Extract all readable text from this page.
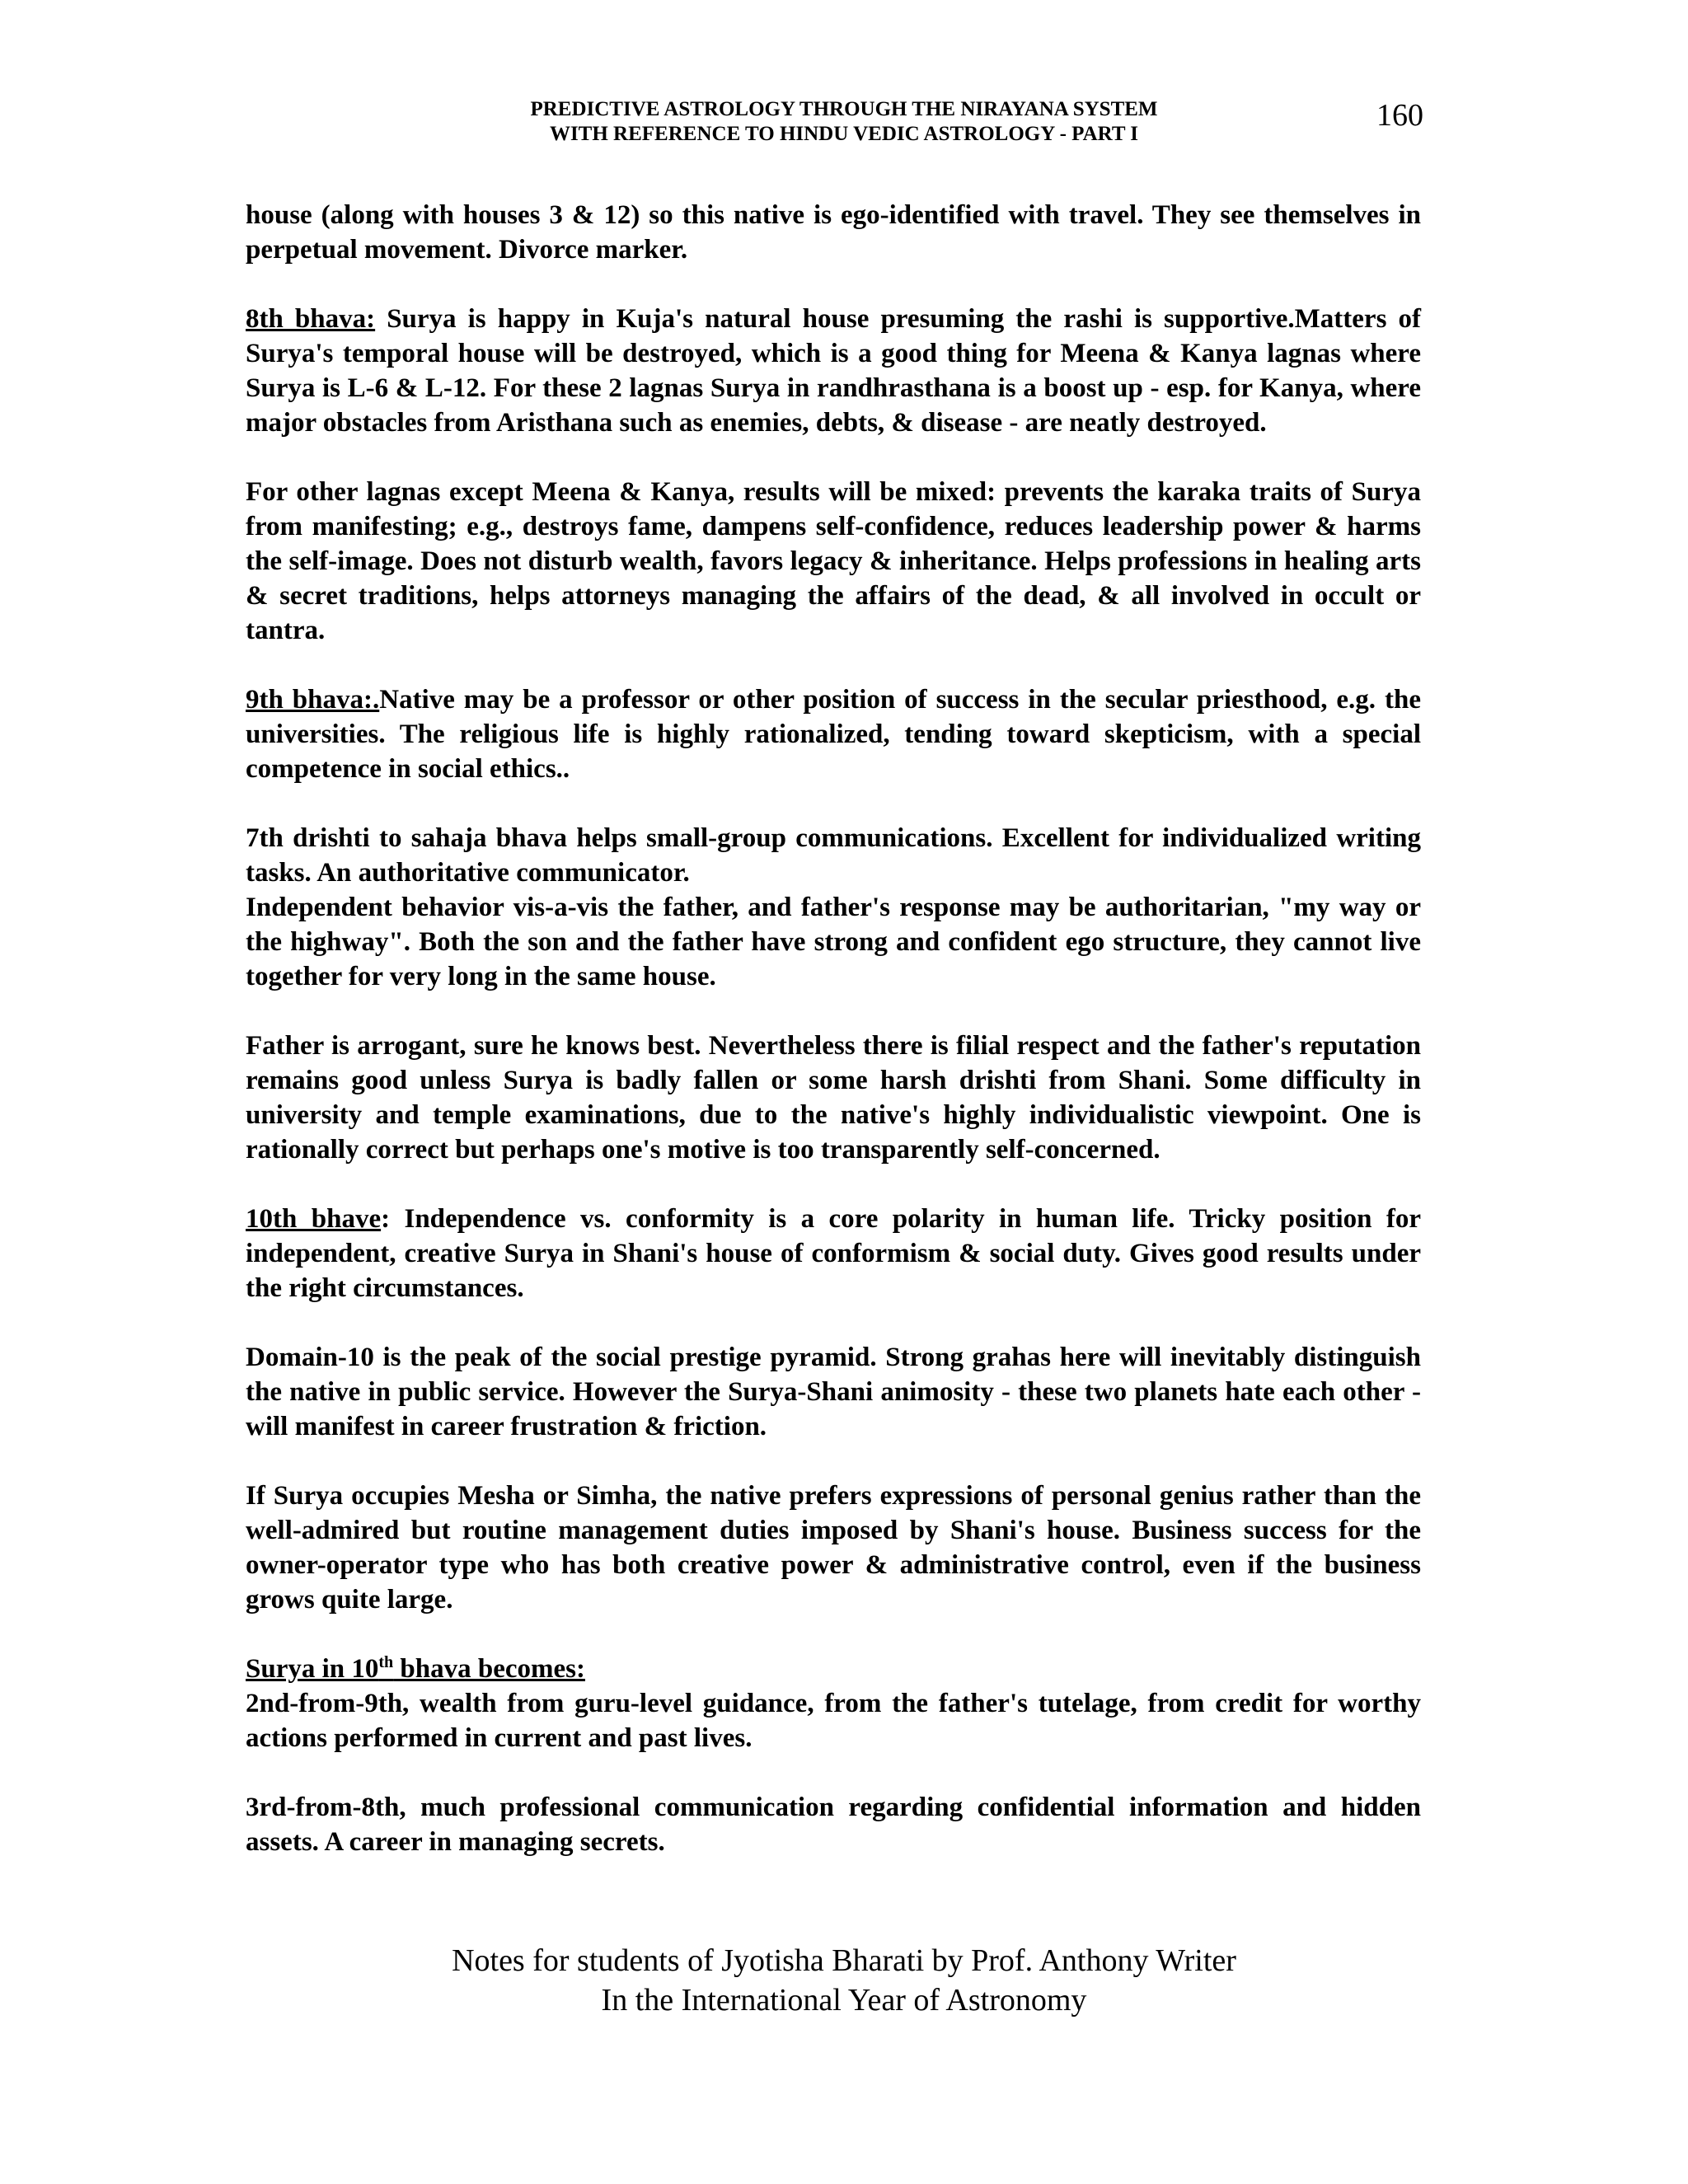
PREDICTIVE ASTROLOGY THROUGH THE NIRAYANA SYSTEM
WITH REFERENCE TO HINDU VEDIC ASTROLOGY - PART I
160

house (along with houses 3 & 12) so this native is ego-identified with travel. They see themselves in perpetual movement. Divorce marker.

8th bhava: Surya is happy in Kuja's natural house presuming the rashi is supportive.Matters of Surya's temporal house will be destroyed, which is a good thing for Meena & Kanya lagnas where Surya is L-6 & L-12. For these 2 lagnas Surya in randhrasthana is a boost up - esp. for Kanya, where major obstacles from Aristhana such as enemies, debts, & disease - are neatly destroyed.

For other lagnas except Meena & Kanya, results will be mixed: prevents the karaka traits of Surya from manifesting; e.g., destroys fame, dampens self-confidence, reduces leadership power & harms the self-image. Does not disturb wealth, favors legacy & inheritance. Helps professions in healing arts & secret traditions, helps attorneys managing the affairs of the dead, & all involved in occult or tantra.

9th bhava:.Native may be a professor or other position of success in the secular priesthood, e.g. the universities. The religious life is highly rationalized, tending toward skepticism, with a special competence in social ethics..

7th drishti to sahaja bhava helps small-group communications. Excellent for individualized writing tasks. An authoritative communicator.

Independent behavior vis-a-vis the father, and father's response may be authoritarian, "my way or the highway". Both the son and the father have strong and confident ego structure, they cannot live together for very long in the same house.

Father is arrogant, sure he knows best. Nevertheless there is filial respect and the father's reputation remains good unless Surya is badly fallen or some harsh drishti from Shani. Some difficulty in university and temple examinations, due to the native's highly individualistic viewpoint. One is rationally correct but perhaps one's motive is too transparently self-concerned.

10th bhave: Independence vs. conformity is a core polarity in human life. Tricky position for independent, creative Surya in Shani's house of conformism & social duty. Gives good results under the right circumstances.

Domain-10 is the peak of the social prestige pyramid. Strong grahas here will inevitably distinguish the native in public service. However the Surya-Shani animosity - these two planets hate each other - will manifest in career frustration & friction.

If Surya occupies Mesha or Simha, the native prefers expressions of personal genius rather than the well-admired but routine management duties imposed by Shani's house. Business success for the owner-operator type who has both creative power & administrative control, even if the business grows quite large.

Surya in 10th bhava becomes:

2nd-from-9th, wealth from guru-level guidance, from the father's tutelage, from credit for worthy actions performed in current and past lives.

3rd-from-8th, much professional communication regarding confidential information and hidden assets. A career in managing secrets.

Notes for students of Jyotisha Bharati by Prof. Anthony Writer
In the International Year of Astronomy
